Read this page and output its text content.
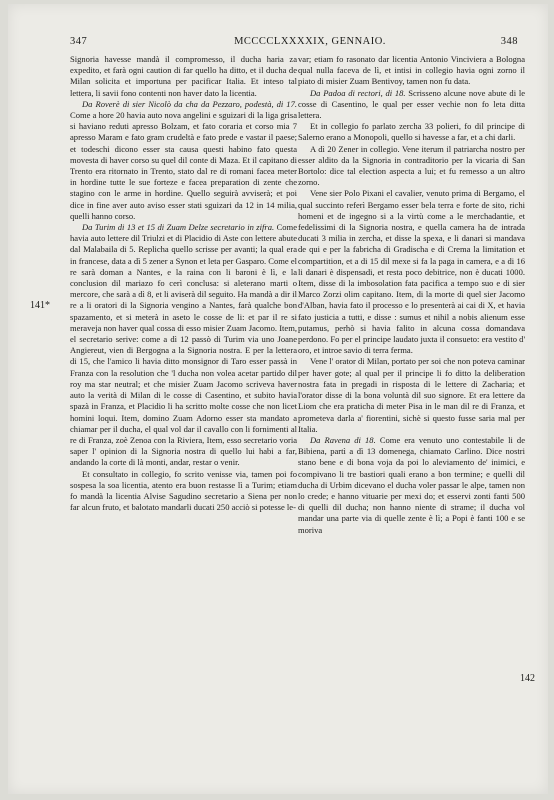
347	MCCCCLXXXXIX, GENNAIO.	348
141*
142

Signoria havesse mandà il compromesso, il ducha haria za expedito, et farà ogni caution di far quello ha ditto, et il ducha de Milan solicita et importuna per pacificar Italia. Et inteso tal lettera, li savii fono contenti non haver dato la licentia.

Da Roverè di sier Nicolò da cha da Pezzaro, podestà, di 17. Come a hore 20 havia auto nova angelini e sguizari di la liga grisa si haviano reduti apresso Bolzam, et fato coraria et corso mia 7 apresso Maram e fato gram crudeltà e fato prede e vastar il paese; et todeschi dicono esser sta causa questi habino fato questa movesta di haver corso su quel dil conte di Maza. Et il capitano di Trento era ritornato in Trento, stato dal re di romani facea meter in hordine tutte le sue forteze e facea preparation di zente che stagino con le arme in hordine. Quello seguirà avviserà; et poi dice in fine aver auto aviso esser stati sguizari da 12 in 14 milia, quelli hanno corso.

Da Turim di 13 et 15 di Zuam Delze secretario in zifra. Come havia auto lettere dil Triulzi et di Placidio di Aste con lettere abute dal Malabaila di 5. Replicha quello scrisse per avanti; la qual era in francese, data a dì 5 zener a Synon et leta per Gasparo. Come el re sarà doman a Nantes, e la raina con li baroni è lì, e la conclusion dil mariazo fo cerì conclusa: si aleterano marti o mercore, che sarà a dì 8, et li aviserà dil seguito. Ha mandà a dir il re a li oratori di la Signoria vengino a Nantes, farà qualche bon spazamento, et si meterà in aseto le cosse de li: et par il re si meraveja non haver qual cossa di esso misier Zuam Jacomo. Item, el secretario serive: come a dì 12 passò di Turim via uno Joane Angiereut, vien di Bergogna a la Signoria nostra. E per la lettera di 15, che l'amico li havia ditto monsignor di Taro esser passà in Franza con la resolution che 'l ducha non volea acetar partido dil roy ma star neutral; et che misier Zuam Jacomo scriveva haver auto la verità di Milan di le cosse di Casentino, et subito havia spazà in Franza, et Placidio li ha scritto molte cosse che non licet homini loqui. Item, domino Zuam Adorno esser sta mandato a chiamar per il ducha, el qual vol dar il cavallo con li fornimenti al re di Franza, zoè Zenoa con la Riviera, Item, esso secretario voria saper l' opinion di la Signoria nostra di quello lui habi a far, andando la corte di là monti, andar, restar o venir.

Et consultato in collegio, fo scrito venisse via, tamen poi fo sospesa la soa licentia, atento era buon restasse lì a Turim; etiam fo mandà la licentia Alvise Sagudino secretario a Siena per non far alcun fruto, et balotato mandarli ducati 250 acciò si potesse le-

var; etiam fo rasonato dar licentia Antonio Vinciviera a Bologna qual nulla faceva de lì, et intisi in collegio havia ogni zorno il piato di misier Zuam Bentivoy, tamen non fu data.

Da Padoa di rectori, di 18. Scrisseno alcune nove abute di le cosse di Casentino, le qual per esser vechie non fo leta ditta lettera.

Et in collegio fo parlato zercha 33 polieri, fo dil principe di Salerno erano a Monopoli, quello si havesse a far, et a chi darli.

A dì 20 Zener in collegio. Vene iterum il patriarcha nostro per esser aldito da la Signoria in contraditorio per la vicaria di San Bortolo: dice tal election aspecta a lui; et fu remesso a un altro zorno.

Vene sier Polo Pixani el cavalier, venuto prima di Bergamo, el qual succinto referì Bergamo esser bela terra e forte de sito, richi homeni et de ingegno si a la virtù come a le merchadantie, et fedelissimi di la Signoria nostra, e quella camera ha de intrada ducati 3 milia in zercha, et disse la spexa, e li danari si mandava de qui e per la fabricha di Gradischa e di Crema la limitation et compartition, et a di 15 dil mexe si fa la paga in camera, e a di 16 li danari è dispensadi, et resta poco debitrice, non è ducati 1000. Item, disse di la imbosolation fata pacifica a tempo suo e di sier Marco Zorzi olim capitano. Item, di la morte di quel sier Jacomo d'Alban, havia fato il processo e lo presenterà ai cai di X, et havia fato justicia a tutti, e disse : sumus et nihil a nobis alienum esse putamus, perhò si havia falito in alcuna cossa domandava perdono. Fo per el principe laudato juxta il consueto: era vestito d' oro, et introe savio di terra ferma.

Vene l' orator di Milan, portato per soi che non poteva caminar per haver gote; al qual per il principe li fo ditto la deliberation nostra fata in pregadi in risposta di le lettere di Zacharia; et l'orator disse di la bona voluntà dil suo signore. Et era lettere da Liom che era praticha di meter Pisa in le man dil re di Franza, et prometeva darla a' fiorentini, sichè si questo fusse saria mal per Italia.

Da Ravena di 18. Come era venuto uno contestabile li de Bibiena, partì a dì 13 domenega, chiamato Carlino. Dice nostri stano bene e di bona voja da poi lo aleviamento de' inimici, e compivano li tre bastiori quali erano a bon termine; e quelli dil ducha di Urbim dicevano el ducha voler passar le alpe, tamen non lo crede; e hanno vituarie per mexi do; et esservi zonti fanti 500 di quelli dil ducha; non hanno niente di strame; il ducha vol mandar una parte via di quelle zente è lì; a Popi è fanti 100 e se moriva
